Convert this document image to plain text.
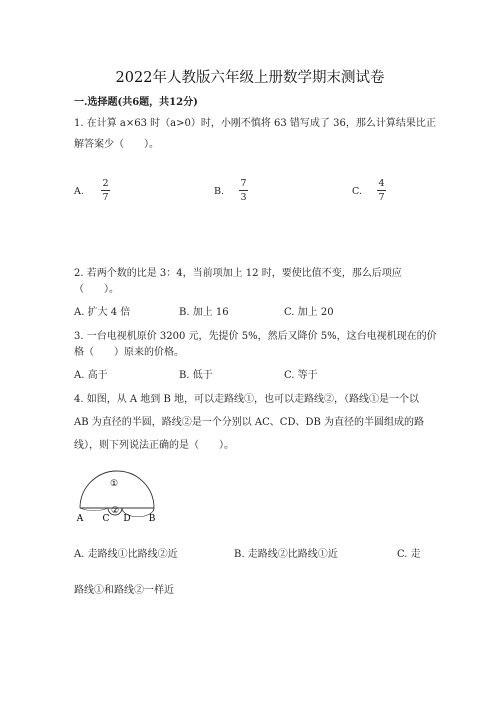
2022年人教版六年级上册数学期末测试卷
一.选择题(共6题，共12分)
1. 在计算 a×63 时（a>0）时，小刚不慎将 63 错写成了 36，那么计算结果比正
解答案少（　　）。
A.
2
7
B.
7
3
C.
4
7
2. 若两个数的比是 3：4，当前项加上 12 时，要使比值不变，那么后项应
（　　）。
A. 扩大 4 倍	B. 加上 16	C. 加上 20
3. 一台电视机原价 3200 元，先提价 5%，然后又降价 5%，这台电视机现在的价
格（　　）原来的价格。
A. 高于	B. 低于	C. 等于
4. 如图，从 A 地到 B 地，可以走路线①，也可以走路线②，（路线①是一个以
AB 为直径的半圆，路线②是一个分别以 AC、CD、DB 为直径的半圆组成的路
线），则下列说法正确的是（　　）。
①
②
A C D B
A. 走路线①比路线②近	B. 走路线②比路线①近	C. 走
路线①和路线②一样近
